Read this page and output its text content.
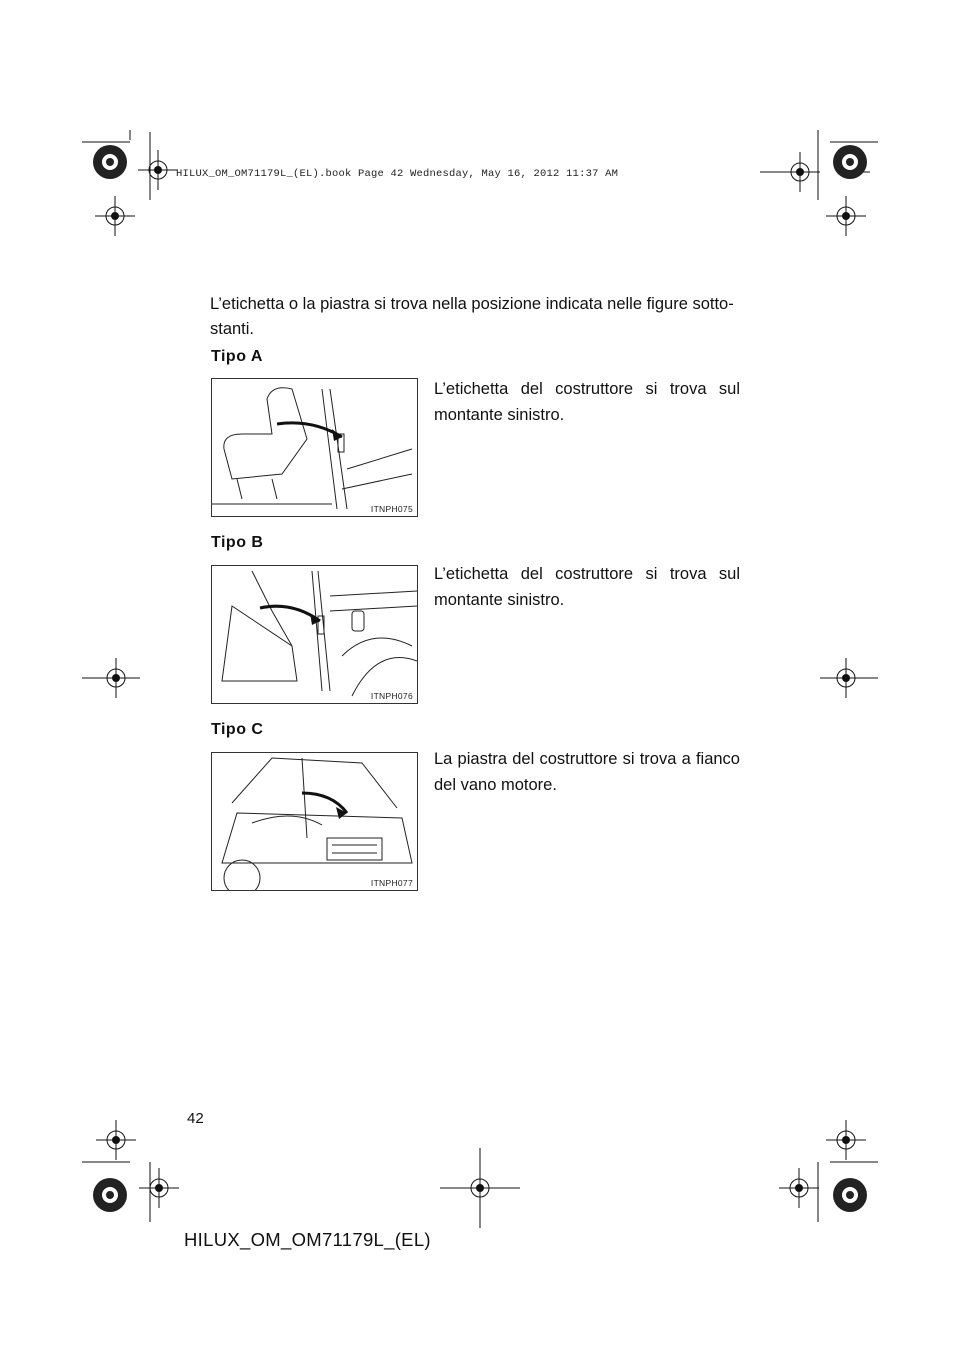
HILUX_OM_OM71179L_(EL).book Page 42 Wednesday, May 16, 2012 11:37 AM
L’etichetta o la piastra si trova nella posizione indicata nelle figure sotto-stanti.
Tipo A
ITNPH075
L’etichetta del costruttore si trova sul montante sinistro.
Tipo B
ITNPH076
L’etichetta del costruttore si trova sul montante sinistro.
Tipo C
ITNPH077
La piastra del costruttore si trova a fianco del vano motore.
42
HILUX_OM_OM71179L_(EL)
